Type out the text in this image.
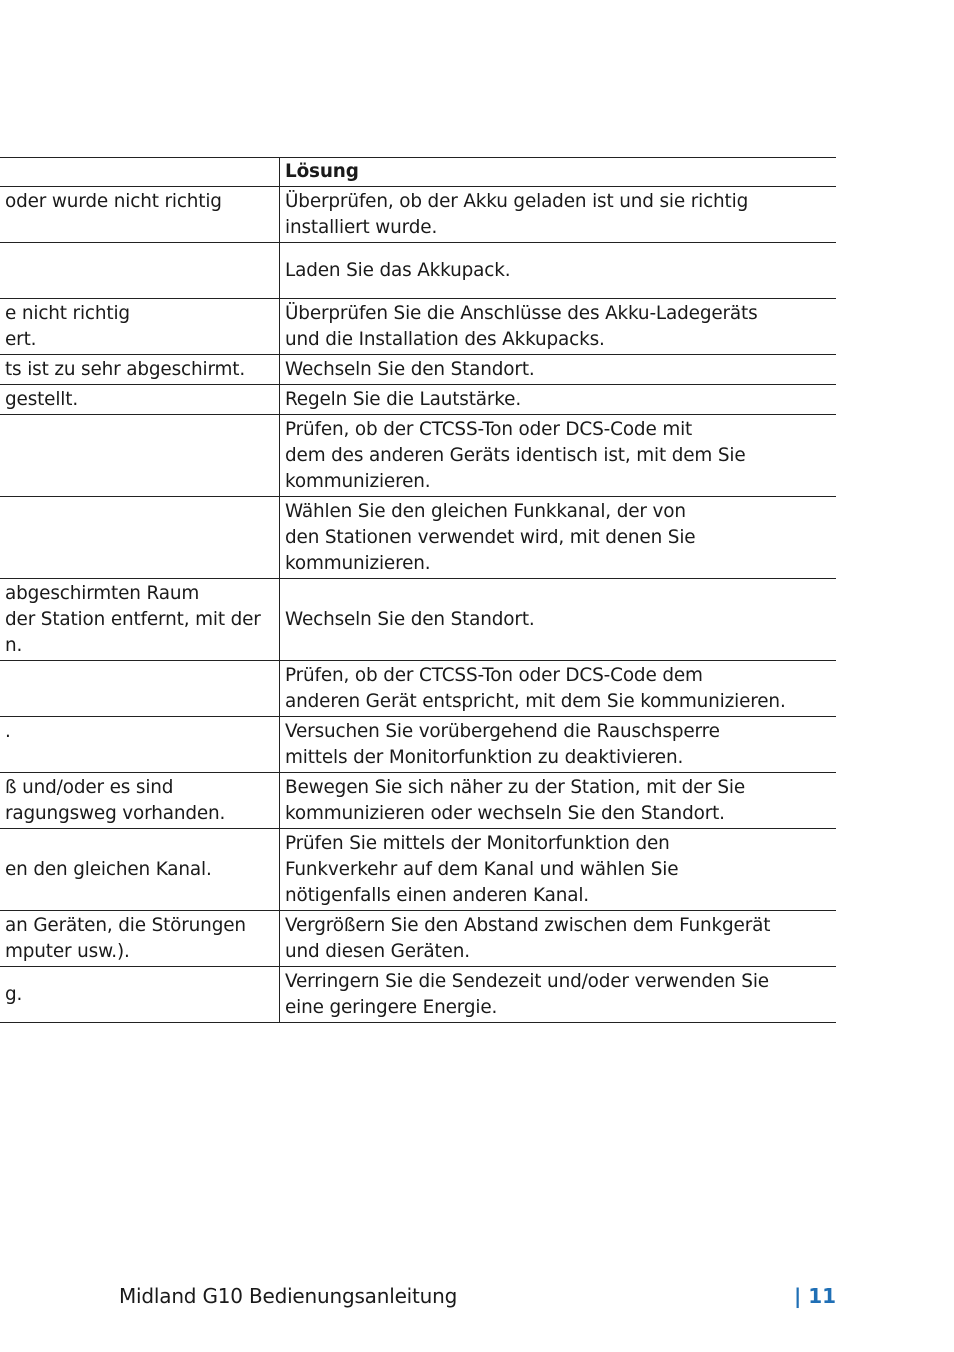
	Lösung

oder wurde nicht richtig	Überprüfen, ob der Akku geladen ist und sie richtig
installiert wurde.

	Laden Sie das Akkupack.

e nicht richtig
ert.	Überprüfen Sie die Anschlüsse des Akku-Ladegeräts
und die Installation des Akkupacks.

ts ist zu sehr abgeschirmt.	Wechseln Sie den Standort.

gestellt.	Regeln Sie die Lautstärke.

	Prüfen, ob der CTCSS-Ton oder DCS-Code mit
dem des anderen Geräts identisch ist, mit dem Sie
kommunizieren.

	Wählen Sie den gleichen Funkkanal, der von
den Stationen verwendet wird, mit denen Sie
kommunizieren.

abgeschirmten Raum
der Station entfernt, mit der
n.	Wechseln Sie den Standort.

	Prüfen, ob der CTCSS-Ton oder DCS-Code dem
anderen Gerät entspricht, mit dem Sie kommunizieren.

.	Versuchen Sie vorübergehend die Rauschsperre
mittels der Monitorfunktion zu deaktivieren.

ß und/oder es sind
ragungsweg vorhanden.	Bewegen Sie sich näher zu der Station, mit der Sie
kommunizieren oder wechseln Sie den Standort.

en den gleichen Kanal.	Prüfen Sie mittels der Monitorfunktion den
Funkverkehr auf dem Kanal und wählen Sie
nötigenfalls einen anderen Kanal.

an Geräten, die Störungen
mputer usw.).	Vergrößern Sie den Abstand zwischen dem Funkgerät
und diesen Geräten.

g.	Verringern Sie die Sendezeit und/oder verwenden Sie
eine geringere Energie.
Midland G10 Bedienungsanleitung	| 11
